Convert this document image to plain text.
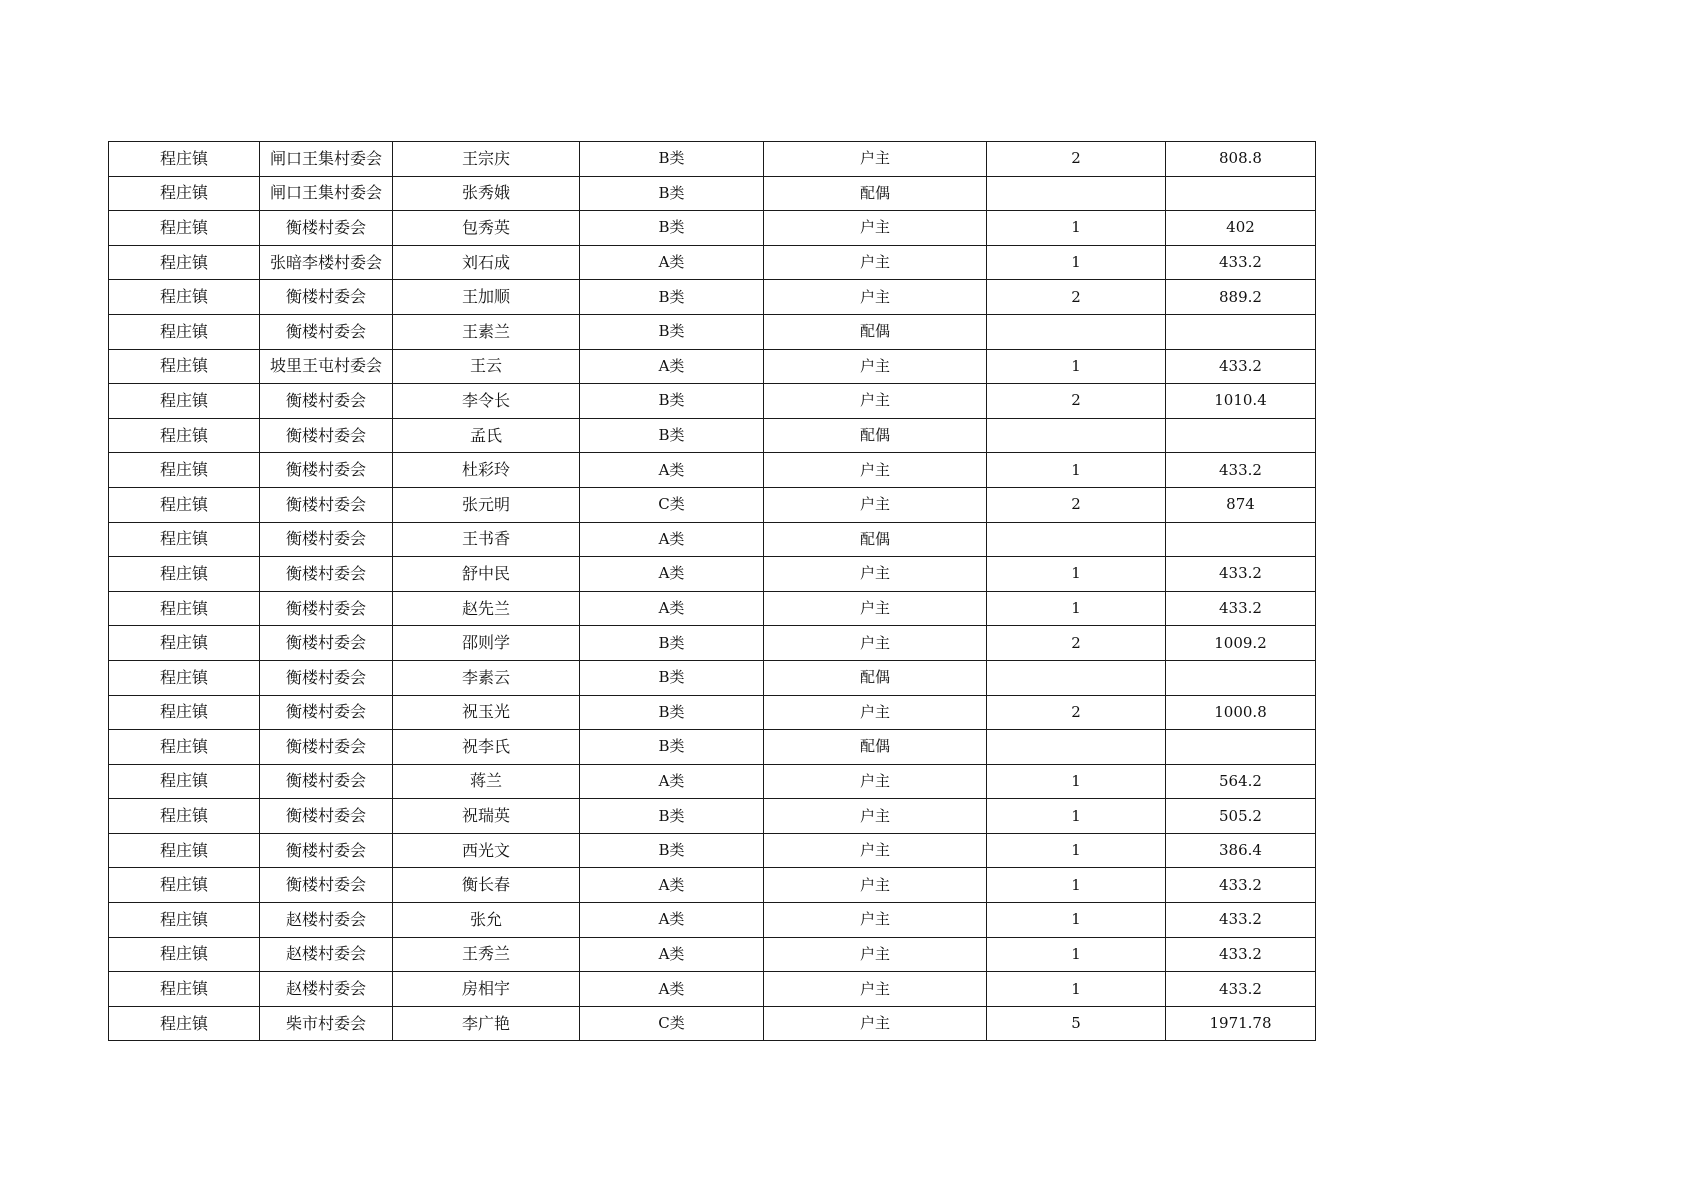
程庄镇	闸口王集村委会	王宗庆	B类	户主	2	808.8
程庄镇	闸口王集村委会	张秀娥	B类	配偶		
程庄镇	衡楼村委会	包秀英	B类	户主	1	402
程庄镇	张暗李楼村委会	刘石成	A类	户主	1	433.2
程庄镇	衡楼村委会	王加顺	B类	户主	2	889.2
程庄镇	衡楼村委会	王素兰	B类	配偶		
程庄镇	坡里王屯村委会	王云	A类	户主	1	433.2
程庄镇	衡楼村委会	李令长	B类	户主	2	1010.4
程庄镇	衡楼村委会	孟氏	B类	配偶		
程庄镇	衡楼村委会	杜彩玲	A类	户主	1	433.2
程庄镇	衡楼村委会	张元明	C类	户主	2	874
程庄镇	衡楼村委会	王书香	A类	配偶		
程庄镇	衡楼村委会	舒中民	A类	户主	1	433.2
程庄镇	衡楼村委会	赵先兰	A类	户主	1	433.2
程庄镇	衡楼村委会	邵则学	B类	户主	2	1009.2
程庄镇	衡楼村委会	李素云	B类	配偶		
程庄镇	衡楼村委会	祝玉光	B类	户主	2	1000.8
程庄镇	衡楼村委会	祝李氏	B类	配偶		
程庄镇	衡楼村委会	蒋兰	A类	户主	1	564.2
程庄镇	衡楼村委会	祝瑞英	B类	户主	1	505.2
程庄镇	衡楼村委会	西光文	B类	户主	1	386.4
程庄镇	衡楼村委会	衡长春	A类	户主	1	433.2
程庄镇	赵楼村委会	张允	A类	户主	1	433.2
程庄镇	赵楼村委会	王秀兰	A类	户主	1	433.2
程庄镇	赵楼村委会	房相宇	A类	户主	1	433.2
程庄镇	柴市村委会	李广艳	C类	户主	5	1971.78
